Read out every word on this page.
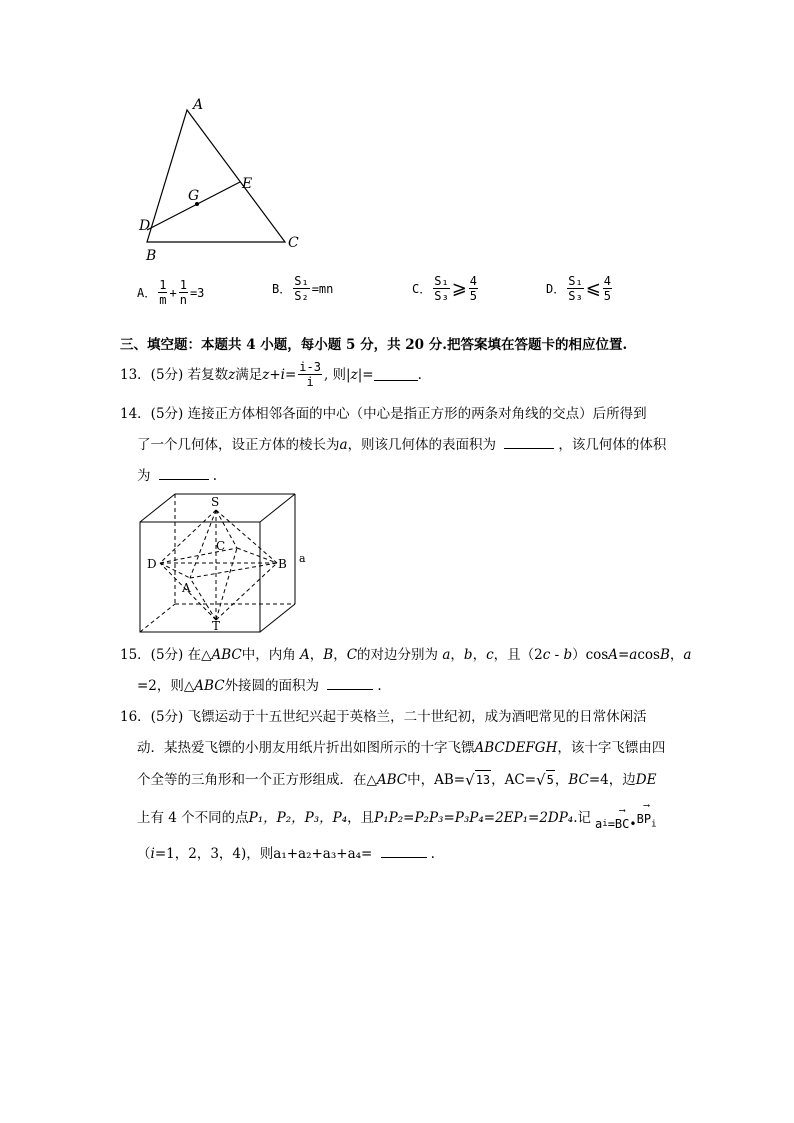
A
E
G
D
C
B
A． $\frac{1}{m} + \frac{1}{n} =3$	B． $\frac{\text{S₁}}{\text{S₂}} =mn$	C． $\frac{\text{S₁}}{\text{S₃}}$ ⩾ $\frac{4}{5}$	D． $\frac{\text{S₁}}{\text{S₃}}$ ⩽ $\frac{4}{5}$
三、填空题：本题共 4 小题，每小题 5 分，共 20 分.把答案填在答题卡的相应位置.
13．(5分) 若复数 z 满足 $z+i= \frac{i-3}{i}$ , 则| z |=	.
14．(5分) 连接正方体相邻各面的中心（中心是指正方形的两条对角线的交点）后所得到
了一个几何体，设正方体的棱长为a，则该几何体的表面积为	，该几何体的体积
为	.
S
C
D	B
A
T
a
15．(5分) 在△ABC中，内角 A，B，C的对边分别为 a，b，c，且（2c - b）cosA=acosB，a
=2，则△ABC外接圆的面积为	.
16．(5分) 飞镖运动于十五世纪兴起于英格兰，二十世纪初，成为酒吧常见的日常休闲活
动．某热爱飞镖的小朋友用纸片折出如图所示的十字飞镖ABCDEFGH，该十字飞镖由四
个全等的三角形和一个正方形组成．在△ ABC 中，AB= √ 13 ，AC= √ 5 ， BC =4，边 DE
上有 4 个不同的点 P₁，P₂，P₃，P₄ ，且 P₁P₂=P₂P₃=P₃P₄=2EP₁=2DP₄ .记 a i =
⟶
BC •
⟶
$BP_i$
（i=1，2，3，4)，则a₁+a₂+a₃+a₄=	.
